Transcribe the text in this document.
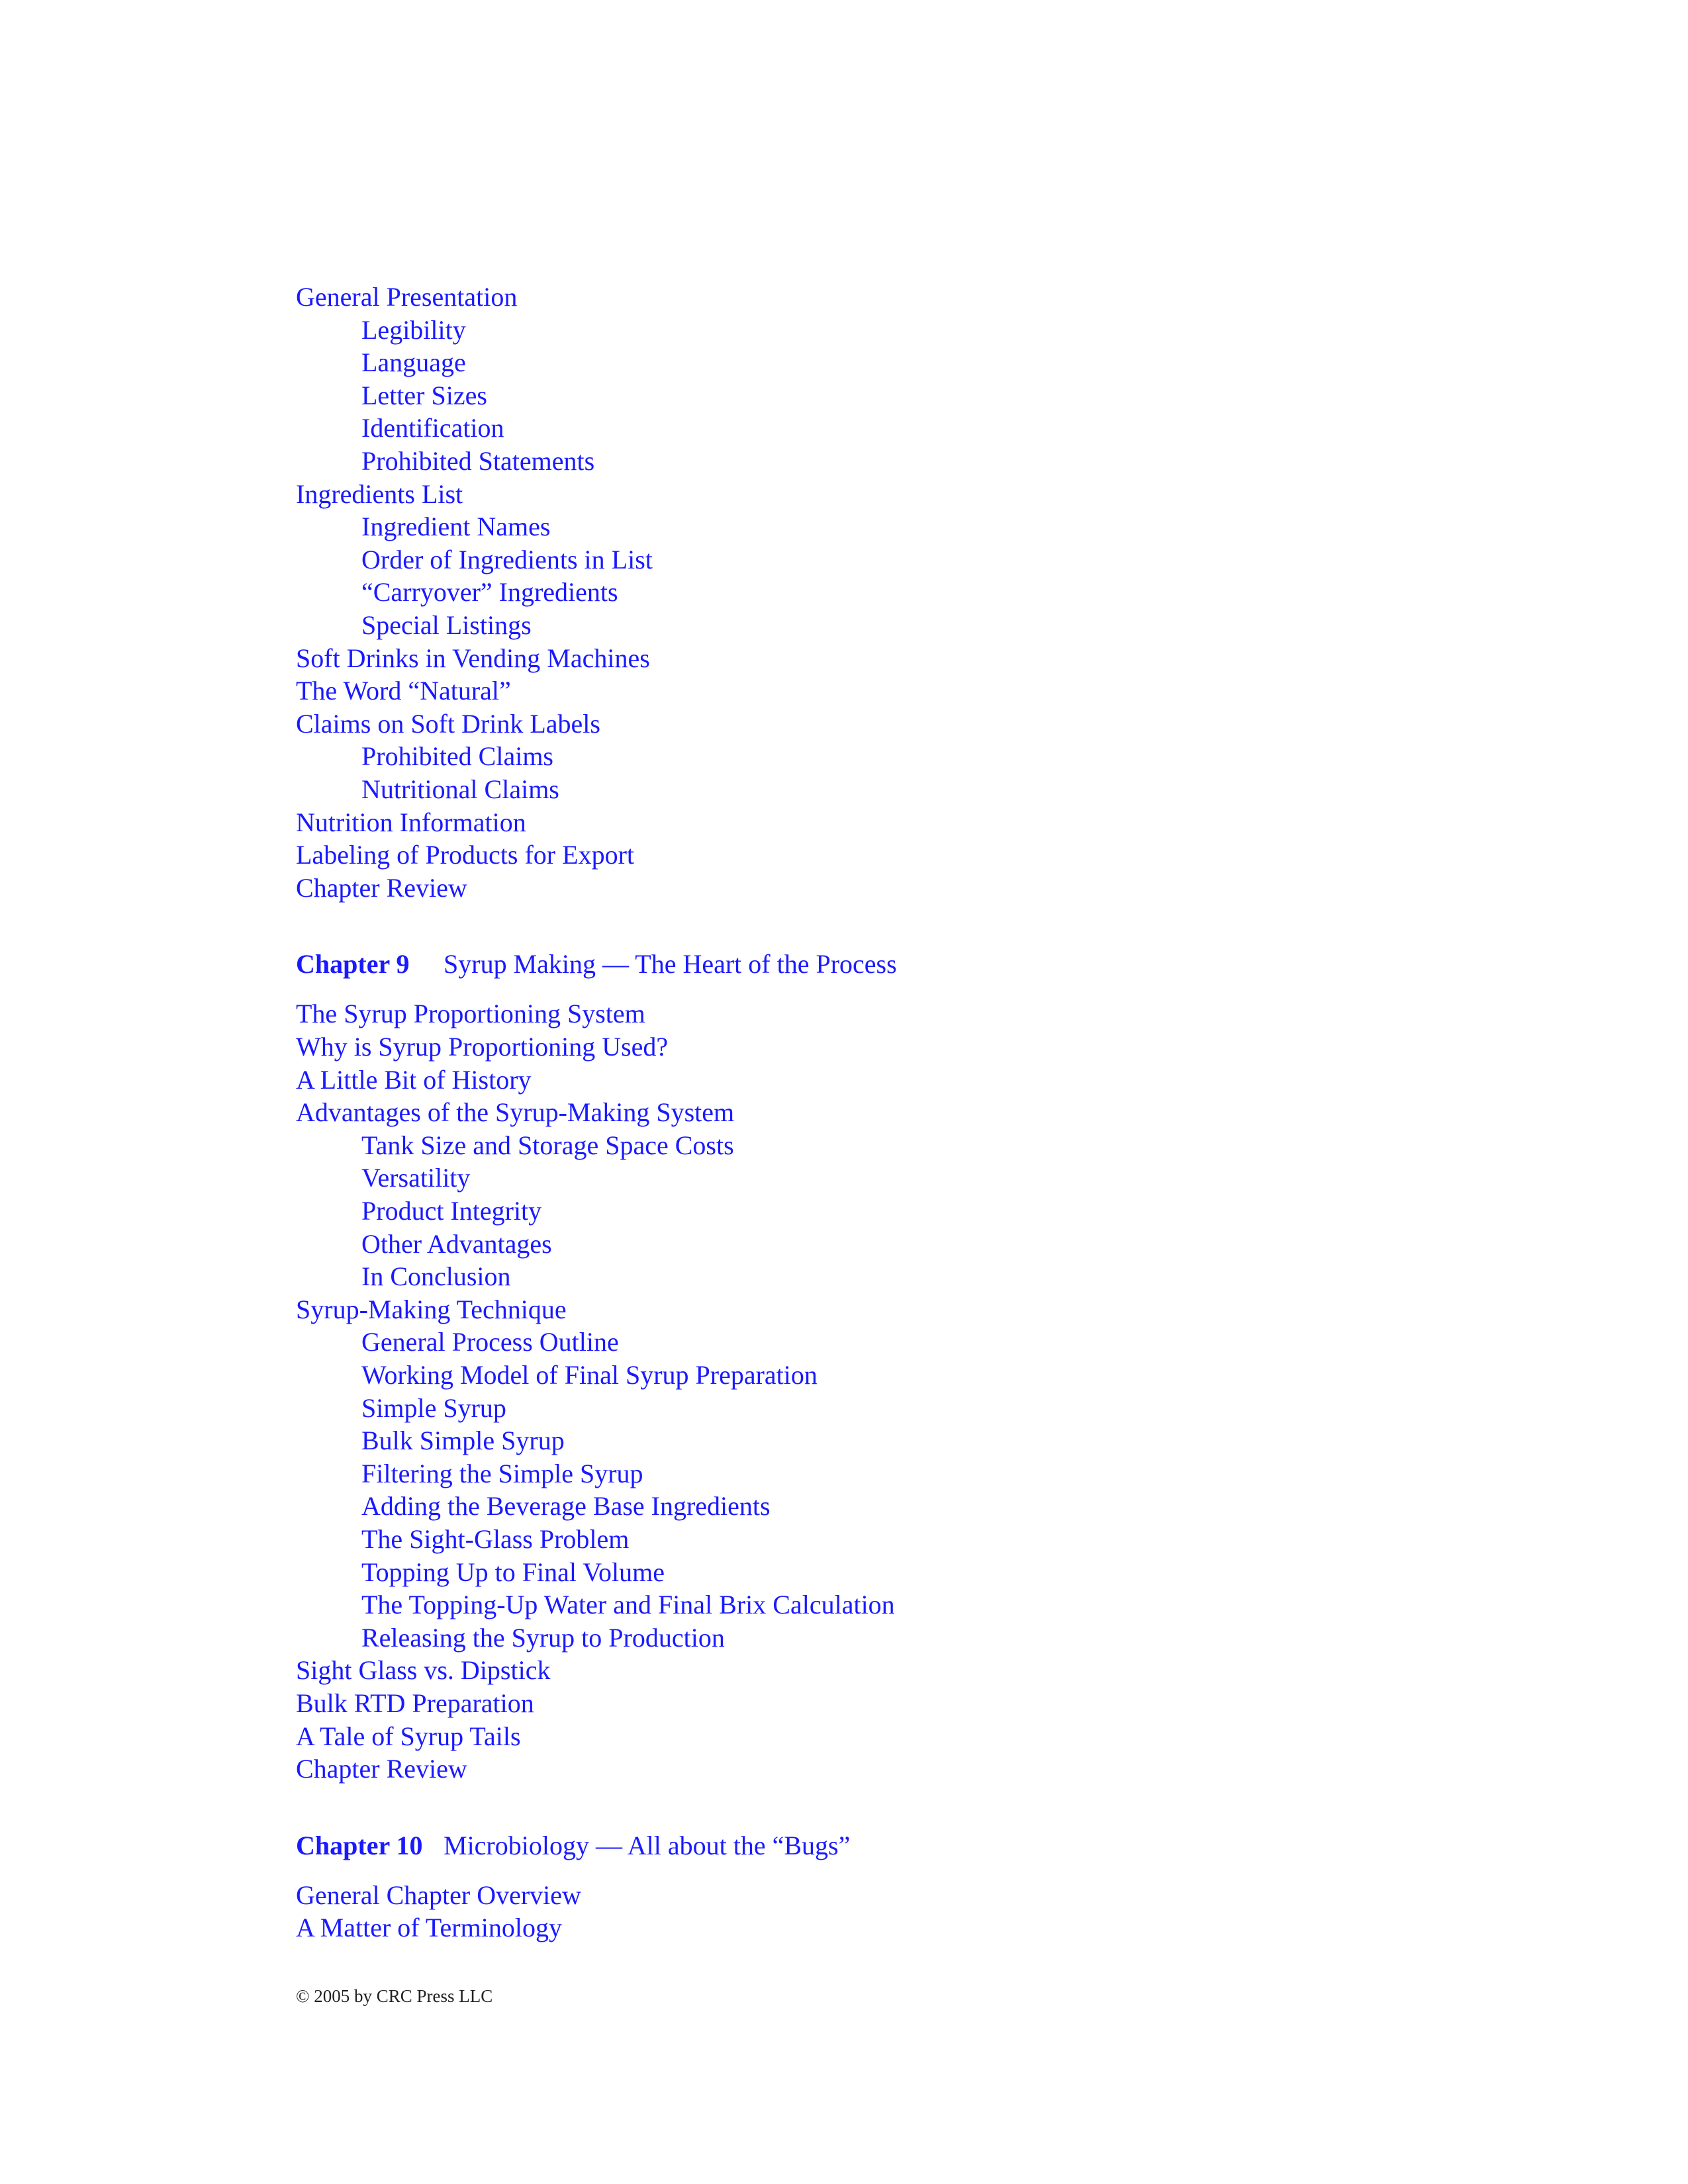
General Presentation
Legibility
Language
Letter Sizes
Identification
Prohibited Statements
Ingredients List
Ingredient Names
Order of Ingredients in List
“Carryover” Ingredients
Special Listings
Soft Drinks in Vending Machines
The Word “Natural”
Claims on Soft Drink Labels
Prohibited Claims
Nutritional Claims
Nutrition Information
Labeling of Products for Export
Chapter Review
Chapter 9 Syrup Making — The Heart of the Process
The Syrup Proportioning System
Why is Syrup Proportioning Used?
A Little Bit of History
Advantages of the Syrup-Making System
Tank Size and Storage Space Costs
Versatility
Product Integrity
Other Advantages
In Conclusion
Syrup-Making Technique
General Process Outline
Working Model of Final Syrup Preparation
Simple Syrup
Bulk Simple Syrup
Filtering the Simple Syrup
Adding the Beverage Base Ingredients
The Sight-Glass Problem
Topping Up to Final Volume
The Topping-Up Water and Final Brix Calculation
Releasing the Syrup to Production
Sight Glass vs. Dipstick
Bulk RTD Preparation
A Tale of Syrup Tails
Chapter Review
Chapter 10 Microbiology — All about the “Bugs”
General Chapter Overview
A Matter of Terminology
© 2005 by CRC Press LLC
